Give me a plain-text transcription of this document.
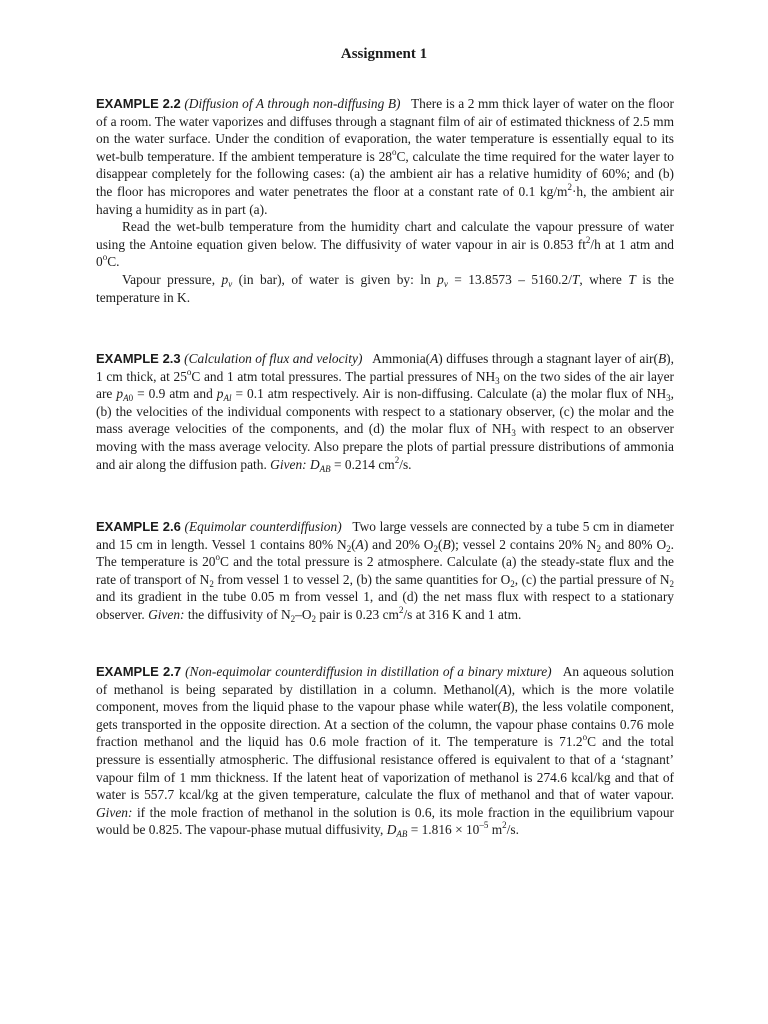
Assignment 1

EXAMPLE 2.2 (Diffusion of A through non-diffusing B)   There is a 2 mm thick layer of water on the floor of a room. The water vaporizes and diffuses through a stagnant film of air of estimated thickness of 2.5 mm on the water surface. Under the condition of evaporation, the water temperature is essentially equal to its wet-bulb temperature. If the ambient temperature is 28$^o$C, calculate the time required for the water layer to disappear completely for the following cases: (a) the ambient air has a relative humidity of 60%; and (b) the floor has micropores and water penetrates the floor at a constant rate of 0.1 $kg/m^2\cdot h$, the ambient air having a humidity as in part (a).

Read the wet-bulb temperature from the humidity chart and calculate the vapour pressure of water using the Antoine equation given below. The diffusivity of water vapour in air is 0.853 $ft^2/h$ at 1 atm and 0$^o$C.

Vapour pressure, $p_v$ (in bar), of water is given by: $\ln p_v = 13.8573 - 5160.2/T$, where T is the temperature in K.

EXAMPLE 2.3 (Calculation of flux and velocity)   Ammonia(A) diffuses through a stagnant layer of air(B), 1 cm thick, at 25$^o$C and 1 atm total pressures. The partial pressures of $NH_3$ on the two sides of the air layer are $p_{A0} = 0.9$ atm and $p_{Al} = 0.1$ atm respectively. Air is non-diffusing. Calculate (a) the molar flux of $NH_3$, (b) the velocities of the individual components with respect to a stationary observer, (c) the molar and the mass average velocities of the components, and (d) the molar flux of $NH_3$ with respect to an observer moving with the mass average velocity. Also prepare the plots of partial pressure distributions of ammonia and air along the diffusion path. Given: $D_{AB} = 0.214$ $cm^2/s$.

EXAMPLE 2.6 (Equimolar counterdiffusion)   Two large vessels are connected by a tube 5 cm in diameter and 15 cm in length. Vessel 1 contains 80% $N_2(A)$ and 20% $O_2(B)$; vessel 2 contains 20% $N_2$ and 80% $O_2$. The temperature is 20$^o$C and the total pressure is 2 atmosphere. Calculate (a) the steady-state flux and the rate of transport of $N_2$ from vessel 1 to vessel 2, (b) the same quantities for $O_2$, (c) the partial pressure of $N_2$ and its gradient in the tube 0.05 m from vessel 1, and (d) the net mass flux with respect to a stationary observer. Given: the diffusivity of $N_2-O_2$ pair is 0.23 $cm^2/s$ at 316 K and 1 atm.

EXAMPLE 2.7 (Non-equimolar counterdiffusion in distillation of a binary mixture)   An aqueous solution of methanol is being separated by distillation in a column. Methanol(A), which is the more volatile component, moves from the liquid phase to the vapour phase while water(B), the less volatile component, gets transported in the opposite direction. At a section of the column, the vapour phase contains 0.76 mole fraction methanol and the liquid has 0.6 mole fraction of it. The temperature is 71.2$^o$C and the total pressure is essentially atmospheric. The diffusional resistance offered is equivalent to that of a ‘stagnant’ vapour film of 1 mm thickness. If the latent heat of vaporization of methanol is 274.6 kcal/kg and that of water is 557.7 kcal/kg at the given temperature, calculate the flux of methanol and that of water vapour. Given: if the mole fraction of methanol in the solution is 0.6, its mole fraction in the equilibrium vapour would be 0.825. The vapour-phase mutual diffusivity, $D_{AB} = 1.816 \times 10^{-5}$ $m^2/s$.
